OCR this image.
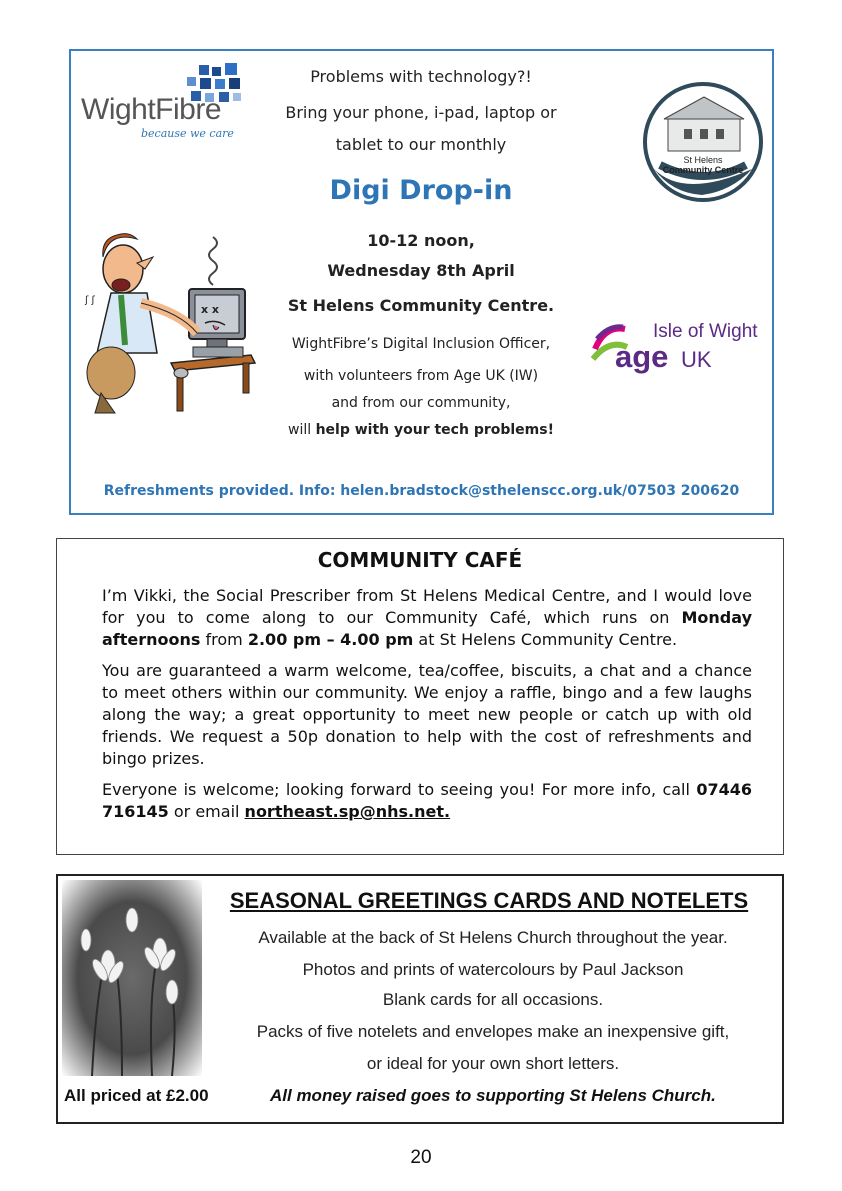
WightFibre
because we care
Problems with technology?!
Bring your phone, i-pad, laptop or
tablet to our monthly
Digi Drop-in
10-12 noon,
Wednesday 8th April
St Helens Community Centre.
WightFibre’s Digital Inclusion Officer,
with volunteers from Age UK (IW)
and from our community,
will help with your tech problems!
x x
ʃ ʃ
St Helens
Community Centre
Isle of Wight
age UK
Refreshments provided. Info: helen.bradstock@sthelenscc.org.uk/07503 200620
COMMUNITY CAFÉ

I’m Vikki, the Social Prescriber from St Helens Medical Centre, and I would love for you to come along to our Community Café, which runs on Monday afternoons from 2.00 pm – 4.00 pm at St Helens Community Centre.

You are guaranteed a warm welcome, tea/coffee, biscuits, a chat and a chance to meet others within our community. We enjoy a raffle, bingo and a few laughs along the way; a great opportunity to meet new people or catch up with old friends. We request a 50p donation to help with the cost of refreshments and bingo prizes.

Everyone is welcome; looking forward to seeing you! For more info, call 07446 716145 or email northeast.sp@nhs.net.

SEASONAL GREETINGS CARDS AND NOTELETS
Available at the back of St Helens Church throughout the year.
Photos and prints of watercolours by Paul Jackson
Blank cards for all occasions.
Packs of five notelets and envelopes make an inexpensive gift,
or ideal for your own short letters.
All priced at £2.00	All money raised goes to supporting St Helens Church.
20
